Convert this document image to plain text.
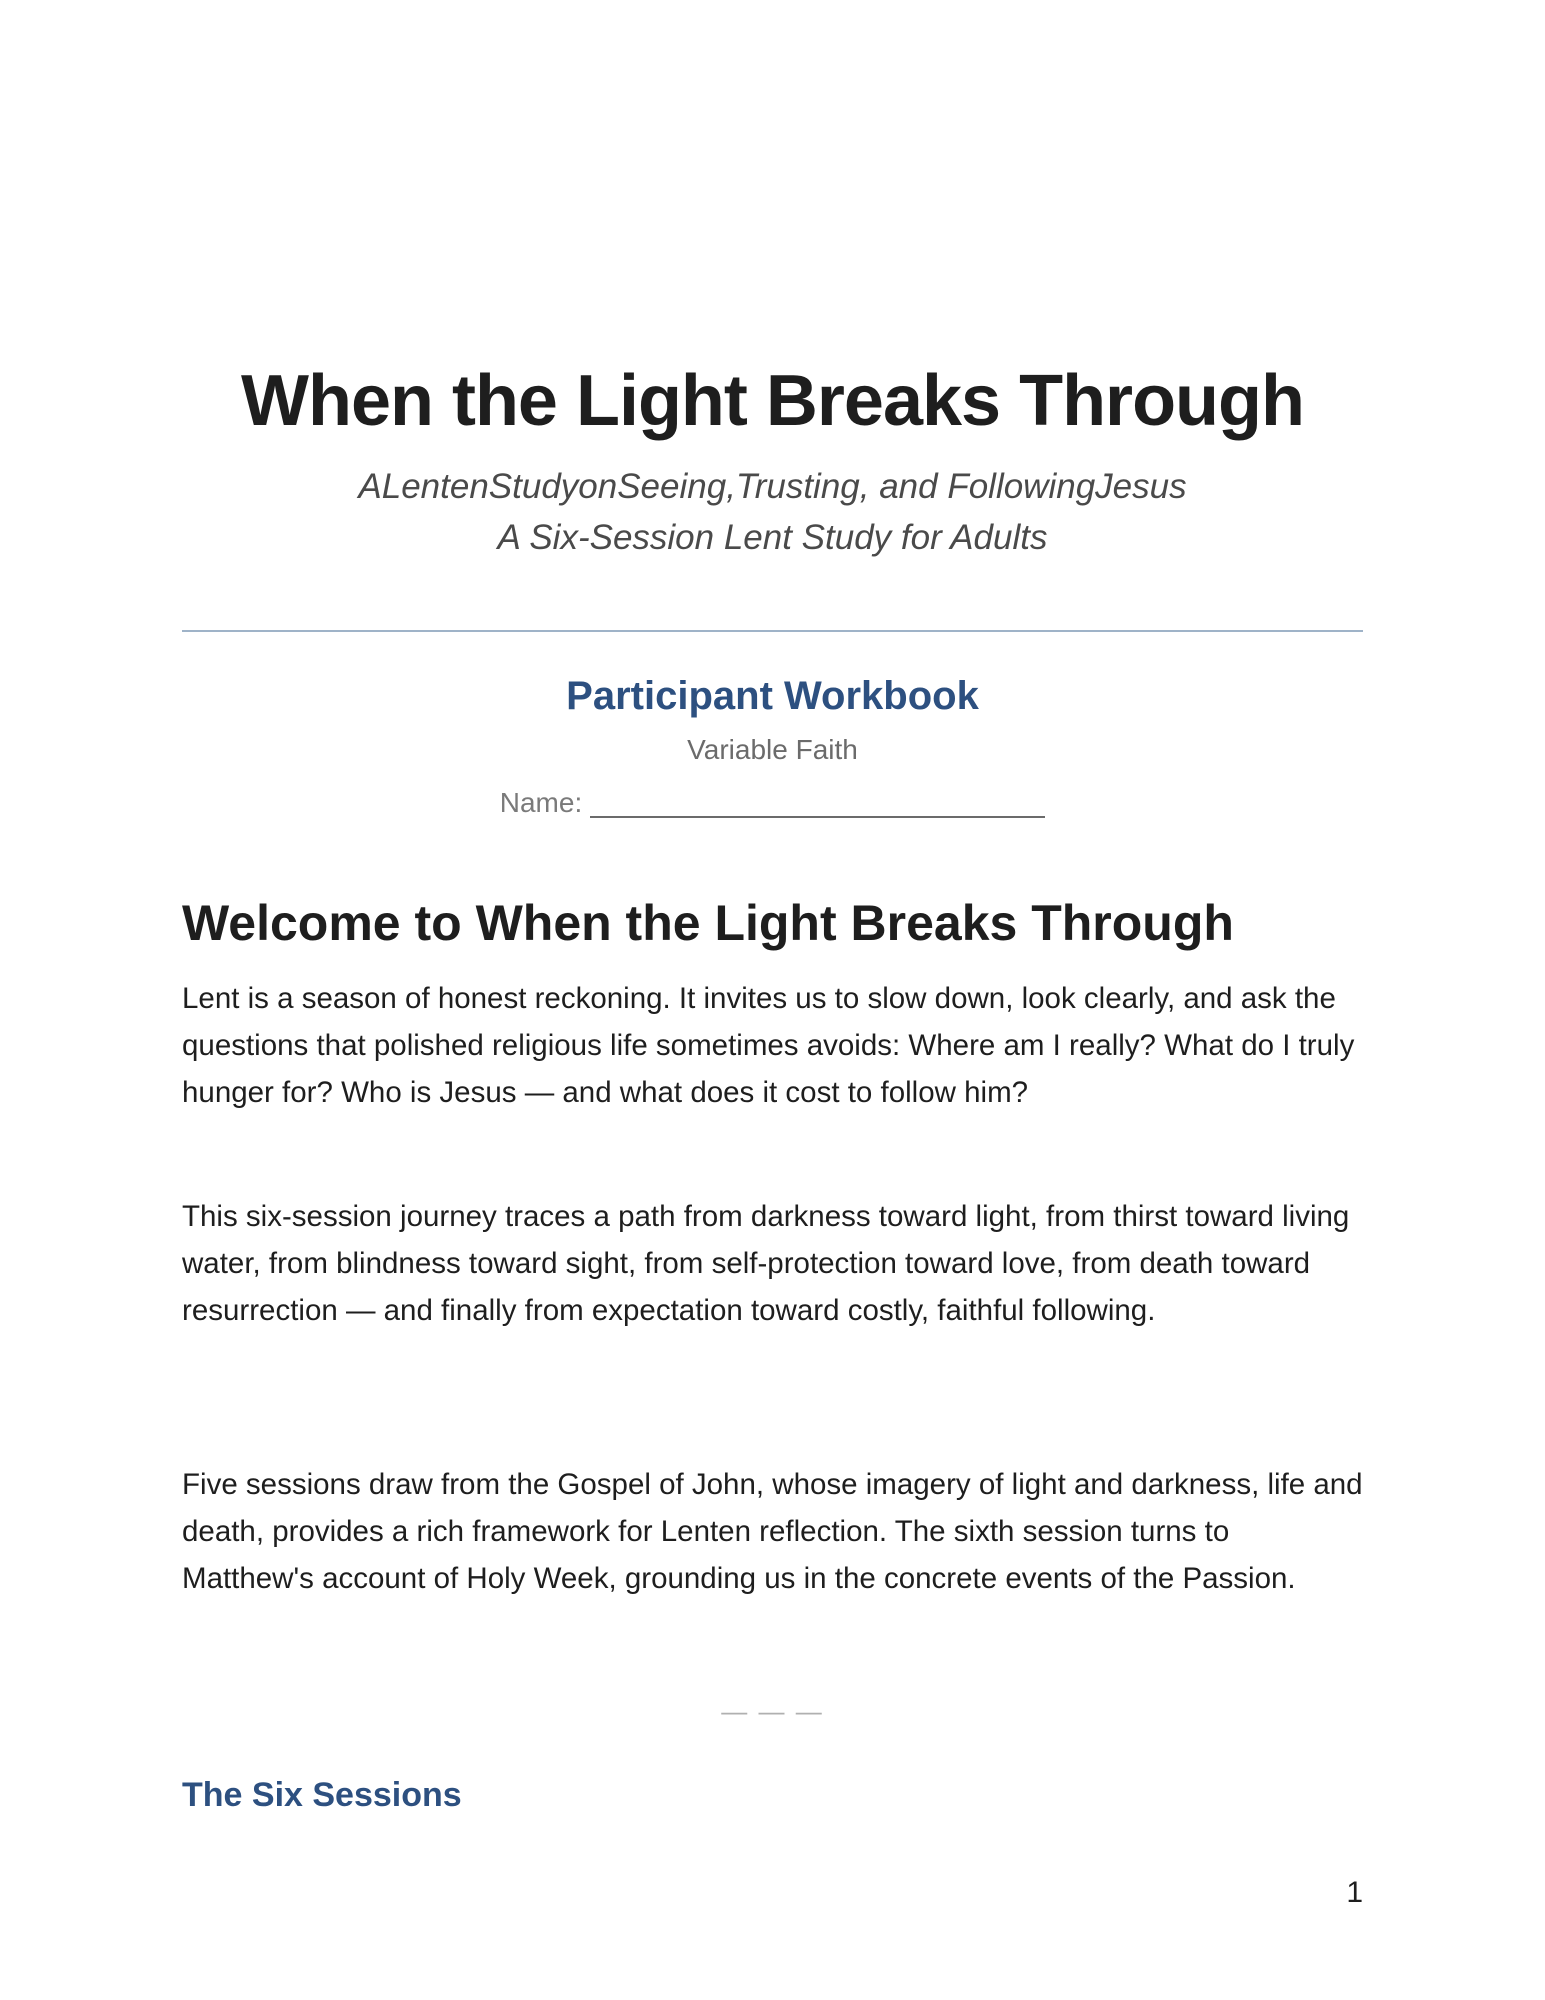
When the Light Breaks Through

ALentenStudyonSeeing,Trusting, and FollowingJesus

A Six-Session Lent Study for Adults

Participant Workbook
Variable Faith
Name:
Welcome to When the Light Breaks Through

Lent is a season of honest reckoning. It invites us to slow down, look clearly, and ask the questions that polished religious life sometimes avoids: Where am I really? What do I truly hunger for? Who is Jesus — and what does it cost to follow him?

This six-session journey traces a path from darkness toward light, from thirst toward living water, from blindness toward sight, from self-protection toward love, from death toward resurrection — and finally from expectation toward costly, faithful following.

Five sessions draw from the Gospel of John, whose imagery of light and darkness, life and death, provides a rich framework for Lenten reflection. The sixth session turns to Matthew's account of Holy Week, grounding us in the concrete events of the Passion.

— — —
The Six Sessions
1
